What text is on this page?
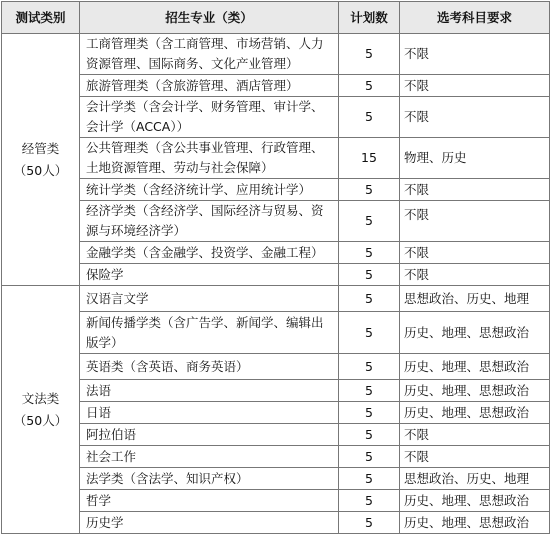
测试类别	招生专业（类）	计划数	选考科目要求

经管类
（50人）	工商管理类（含工商管理、市场营销、人力资源管理、国际商务、文化产业管理）	5	不限
	旅游管理类（含旅游管理、酒店管理）	5	不限
	会计学类（含会计学、财务管理、审计学、会计学（ACCA））	5	不限
	公共管理类（含公共事业管理、行政管理、土地资源管理、劳动与社会保障）	15	物理、历史
	统计学类（含经济统计学、应用统计学）	5	不限
	经济学类（含经济学、国际经济与贸易、资源与环境经济学）	5	不限
	金融学类（含金融学、投资学、金融工程）	5	不限
	保险学	5	不限

文法类
（50人）	汉语言文学	5	思想政治、历史、地理
	新闻传播学类（含广告学、新闻学、编辑出版学）	5	历史、地理、思想政治
	英语类（含英语、商务英语）	5	历史、地理、思想政治
	法语	5	历史、地理、思想政治
	日语	5	历史、地理、思想政治
	阿拉伯语	5	不限
	社会工作	5	不限
	法学类（含法学、知识产权）	5	思想政治、历史、地理
	哲学	5	历史、地理、思想政治
	历史学	5	历史、地理、思想政治
